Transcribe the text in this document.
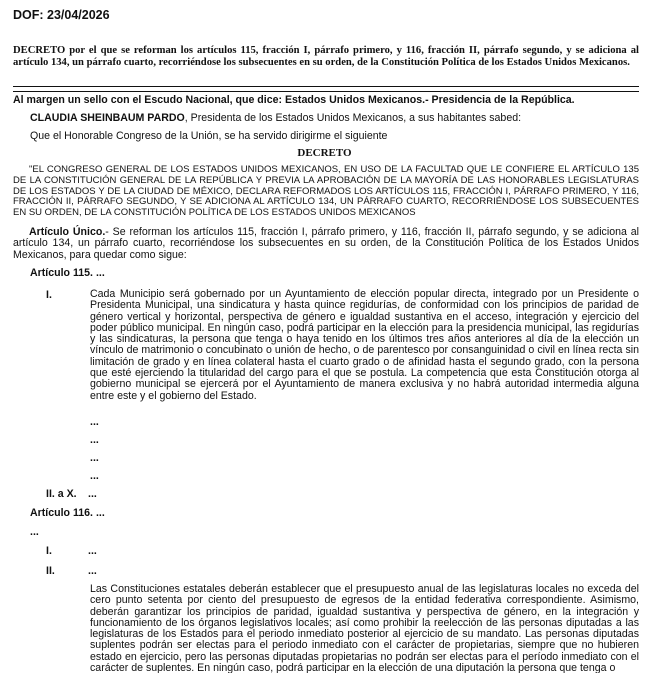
DOF: 23/04/2026
DECRETO por el que se reforman los artículos 115, fracción I, párrafo primero, y 116, fracción II, párrafo segundo, y se adiciona al artículo 134, un párrafo cuarto, recorriéndose los subsecuentes en su orden, de la Constitución Política de los Estados Unidos Mexicanos.
Al margen un sello con el Escudo Nacional, que dice: Estados Unidos Mexicanos.- Presidencia de la República.
CLAUDIA SHEINBAUM PARDO, Presidenta de los Estados Unidos Mexicanos, a sus habitantes sabed:
Que el Honorable Congreso de la Unión, se ha servido dirigirme el siguiente
DECRETO
"EL CONGRESO GENERAL DE LOS ESTADOS UNIDOS MEXICANOS, EN USO DE LA FACULTAD QUE LE CONFIERE EL ARTÍCULO 135 DE LA CONSTITUCIÓN GENERAL DE LA REPÚBLICA Y PREVIA LA APROBACIÓN DE LA MAYORÍA DE LAS HONORABLES LEGISLATURAS DE LOS ESTADOS Y DE LA CIUDAD DE MÉXICO, DECLARA REFORMADOS LOS ARTÍCULOS 115, FRACCIÓN I, PÁRRAFO PRIMERO, Y 116, FRACCIÓN II, PÁRRAFO SEGUNDO, Y SE ADICIONA AL ARTÍCULO 134, UN PÁRRAFO CUARTO, RECORRIÉNDOSE LOS SUBSECUENTES EN SU ORDEN, DE LA CONSTITUCIÓN POLÍTICA DE LOS ESTADOS UNIDOS MEXICANOS
Artículo Único.- Se reforman los artículos 115, fracción I, párrafo primero, y 116, fracción II, párrafo segundo, y se adiciona al artículo 134, un párrafo cuarto, recorriéndose los subsecuentes en su orden, de la Constitución Política de los Estados Unidos Mexicanos, para quedar como sigue:
Artículo 115. ...
I.	Cada Municipio será gobernado por un Ayuntamiento de elección popular directa, integrado por un Presidente o Presidenta Municipal, una sindicatura y hasta quince regidurías, de conformidad con los principios de paridad de género vertical y horizontal, perspectiva de género e igualdad sustantiva en el acceso, integración y ejercicio del poder público municipal. En ningún caso, podrá participar en la elección para la presidencia municipal, las regidurías y las sindicaturas, la persona que tenga o haya tenido en los últimos tres años anteriores al día de la elección un vínculo de matrimonio o concubinato o unión de hecho, o de parentesco por consanguinidad o civil en línea recta sin limitación de grado y en línea colateral hasta el cuarto grado o de afinidad hasta el segundo grado, con la persona que esté ejerciendo la titularidad del cargo para el que se postula. La competencia que esta Constitución otorga al gobierno municipal se ejercerá por el Ayuntamiento de manera exclusiva y no habrá autoridad intermedia alguna entre este y el gobierno del Estado.
...
...
...
...
II. a X. ...
Artículo 116. ...
...
I.	...
II.	...
Las Constituciones estatales deberán establecer que el presupuesto anual de las legislaturas locales no exceda del cero punto setenta por ciento del presupuesto de egresos de la entidad federativa correspondiente. Asimismo, deberán garantizar los principios de paridad, igualdad sustantiva y perspectiva de género, en la integración y funcionamiento de los órganos legislativos locales; así como prohibir la reelección de las personas diputadas a las legislaturas de los Estados para el periodo inmediato posterior al ejercicio de su mandato. Las personas diputadas suplentes podrán ser electas para el periodo inmediato con el carácter de propietarias, siempre que no hubieren estado en ejercicio, pero las personas diputadas propietarias no podrán ser electas para el período inmediato con el carácter de suplentes. En ningún caso, podrá participar en la elección de una diputación la persona que tenga o
